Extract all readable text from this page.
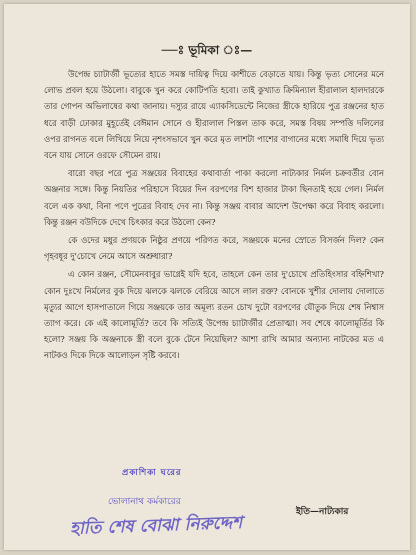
—ঃ ভূমিকা ঃ—

উপেন্দ্র চ্যাটার্জী ভূত্যের হাতে সমস্ত দায়িত্ব দিয়ে কাশীতে বেড়াতে যায়। কিন্তু ভৃত্য সোনের মনে লোভ প্রবল হয়ে উঠলো। বাবুকে খুন করে কোটিপতি হবো। তাই কুখ্যাত ক্রিমিন্যাল হীরালাল হালদারকে তার গোপন অভিলাষের কথা জানায়। দস্যুর রায়ে এ্যাকসিডেন্টে নিজের স্ত্রীকে হারিয়ে পুত্র রঞ্জনের হাত ধরে বাড়ী ঢোকার মুহূর্তেই বেঈমান সোনে ও হীরালাল পিস্তল তাক করে, সমস্ত বিষয় সম্পত্তি দলিলের ওপর রাগনত বলে লিখিয়ে নিয়ে নৃশংসভাবে খুন করে মৃত লাশটা পাশের বাগানের মধ্যে সমাধি দিয়ে ভৃত্য বনে যায় সোনে ওরফে সৌমেন রায়।

বারো বছর পরে পুত্র সঞ্জয়ের বিবাহের কথাবার্তা পাকা করলো নাট্যকার নির্মল চক্রবর্তীর বোন অঞ্জনার সঙ্গে। কিন্তু নিয়তির পরিহাসে বিয়ের দিন বরপণের বিশ হাজার টাকা ছিনতাই হয়ে গেল। নির্মল বলে এক কথা, বিনা পণে পুত্রের বিবাহ দেব না। কিন্তু সঞ্জয় বাবার আদেশ উপেক্ষা করে বিবাহ করলো। কিন্তু রঞ্জন বউদিকে দেখে চিৎকার করে উঠলো কেন?

কে ওদের মধুর প্রণয়কে নিষ্ঠুর প্রণয়ে পরিণত করে, সঞ্জয়কে মনের স্রোতে বিসর্জন দিল? কেন গৃহবধূর দু'চোখে নেমে আসে অশ্রুধারা?

এ কোন রঞ্জন, সৌমেনবাবুর ভাগ্নেই যদি হবে, তাহলে কেন তার দু'চোখে প্রতিহিংসার বহ্নিশিখা? কোন দুঃখে নির্মলের বুক দিয়ে ঝলকে ঝলকে বেরিয়ে আসে লাল রক্ত? বোনকে খুশীর দোলায় দোলাতে মৃত্যুর আগে হাসপাতালে গিয়ে সঞ্জয়কে তার অমূল্য রতন চোখ দুটো বরপণের যৌতুক দিয়ে শেষ নিশ্বাস ত্যাগ করে। কে এই কালোমূর্তি? তবে কি সত্যিই উপেন্দ্র চ্যাটার্জীর প্রেতাত্মা। সব শেষে কালোমূর্তির কি হলো? সঞ্জয় কি অঞ্জনাকে স্ত্রী বলে বুকে টেনে নিয়েছিল? আশা রাখি আমার অন্যান্য নাটকের মত এ নাটকও দিকে দিকে আলোড়ন সৃষ্টি করবে।

প্রকাশিকা ঘরের
ভোলানাথ কর্মকারের
হাতি শেষ বোঝা নিরুদ্দেশ
ইতি—নাট্যকার
